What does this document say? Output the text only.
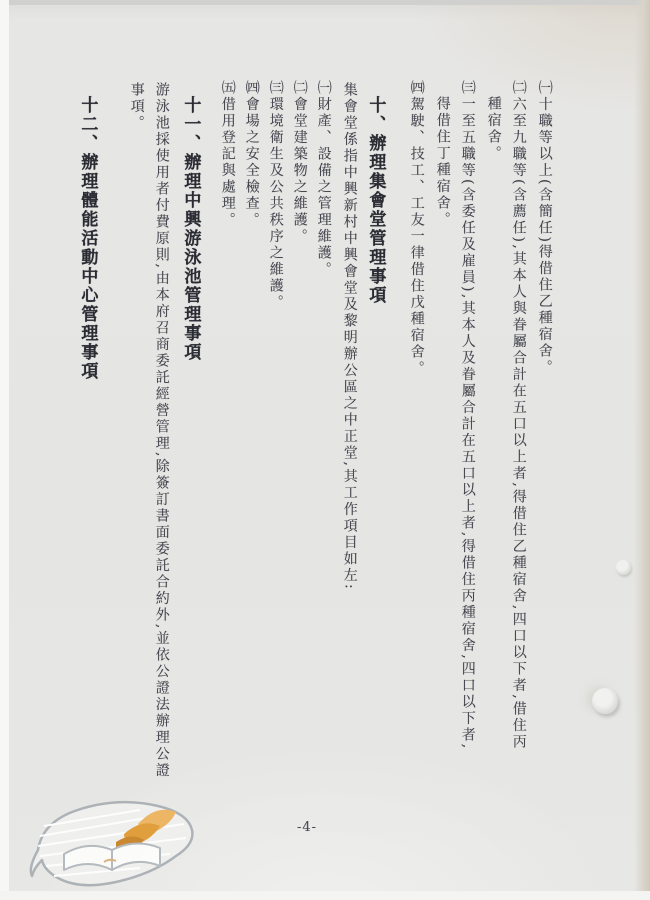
㈠十職等以上(含簡任)得借住乙種宿舍。
㈡六至九職等(含薦任),其本人與眷屬合計在五口以上者,得借住乙種宿舍,四口以下者,借住丙
種宿舍。
㈢一至五職等(含委任及雇員),其本人及眷屬合計在五口以上者,得借住丙種宿舍,四口以下者,
得借住丁種宿舍。
㈣駕駛、技工、工友一律借住戊種宿舍。
十、辦理集會堂管理事項
集會堂係指中興新村中興會堂及黎明辦公區之中正堂,其工作項目如左:
㈠財產、設備之管理維護。
㈡會堂建築物之維護。
㈢環境衛生及公共秩序之維護。
㈣會場之安全檢查。
㈤借用登記與處理。
十一、辦理中興游泳池管理事項
游泳池採使用者付費原則,由本府召商委託經營管理,除簽訂書面委託合約外,並依公證法辦理公證
事項。
十二、辦理體能活動中心管理事項
-4-
